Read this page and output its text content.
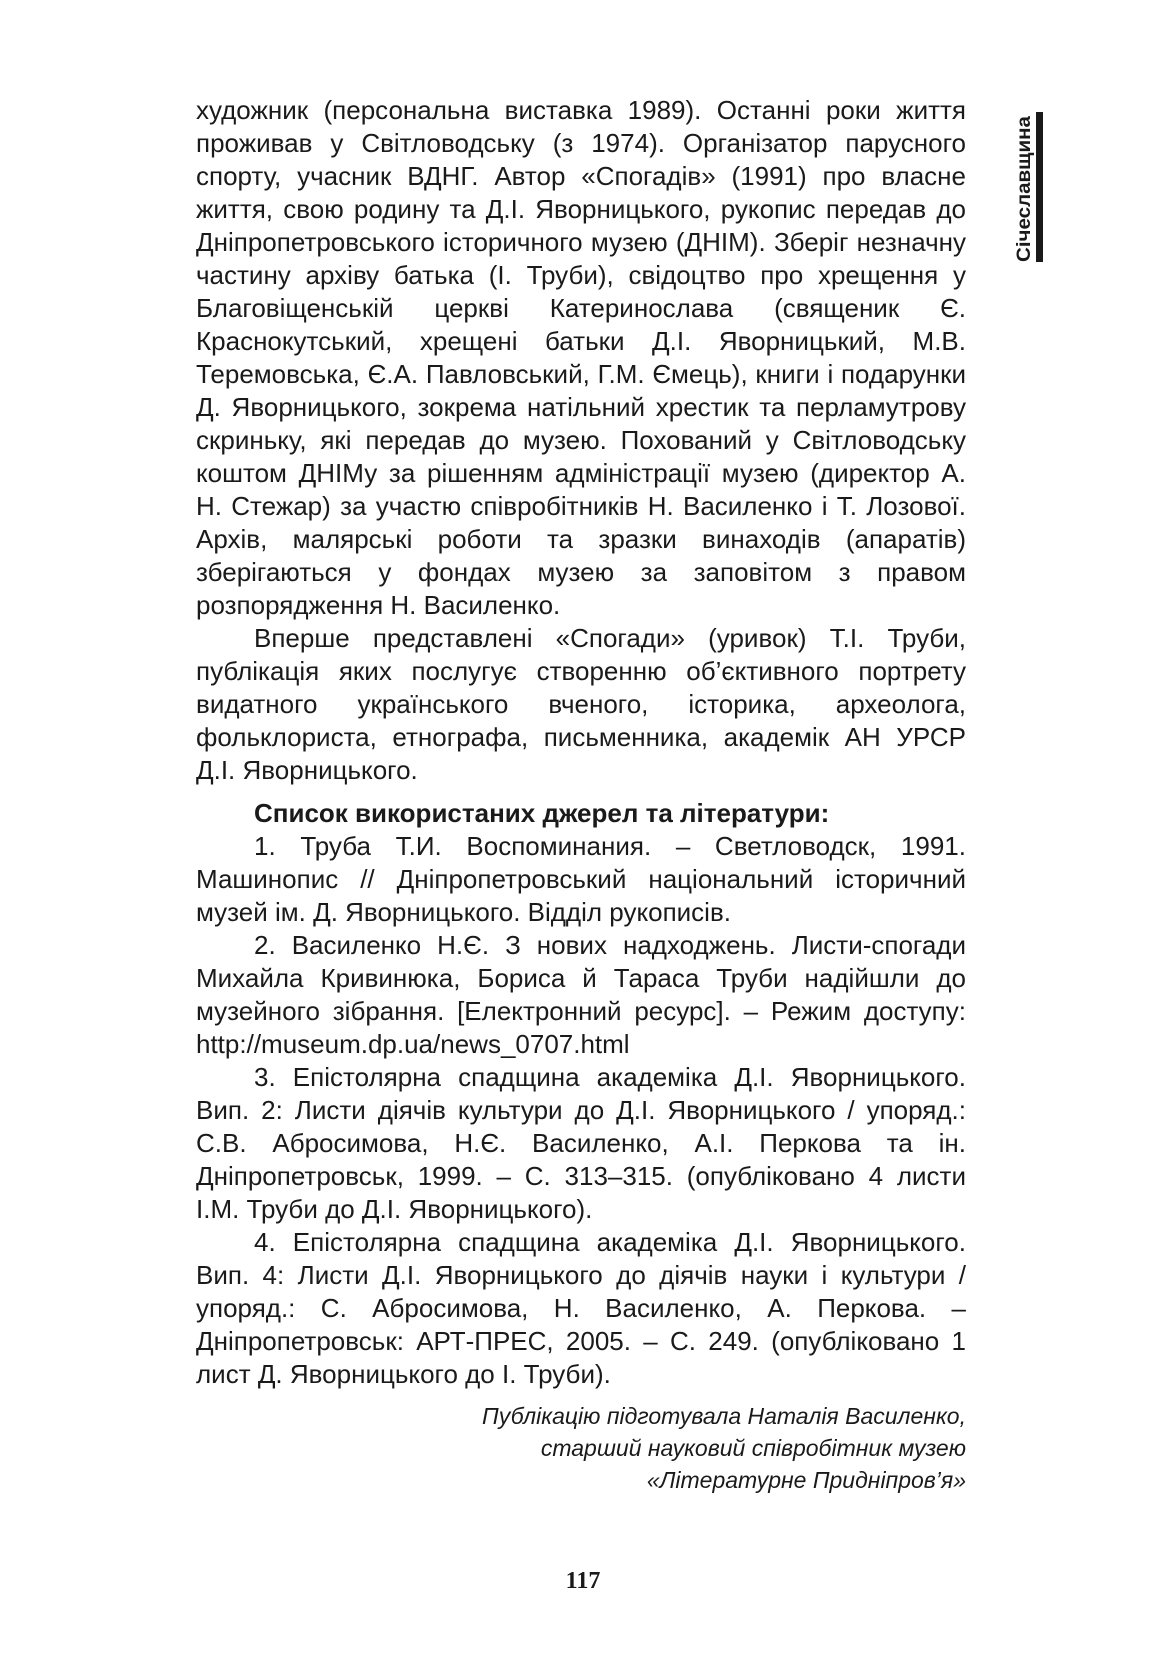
художник (персональна виставка 1989). Останні роки життя проживав у Світловодську (з 1974). Організатор парусного спорту, учасник ВДНГ. Автор «Спогадів» (1991) про власне життя, свою родину та Д.І. Яворницького, рукопис передав до Дніпропетровського історичного музею (ДНІМ). Зберіг незначну частину архіву батька (І. Труби), свідоцтво про хрещення у Благовіщенській церкві Катеринослава (священик Є. Краснокутський, хрещені батьки Д.І. Яворницький, М.В. Теремовська, Є.А. Павловський, Г.М. Ємець), книги і подарунки Д. Яворницького, зокрема натільний хрестик та перламутрову скриньку, які передав до музею. Похований у Світловодську коштом ДНІМу за рішенням адміністрації музею (директор А. Н. Стежар) за участю співробітників Н. Василенко і Т. Лозової. Архів, малярські роботи та зразки винаходів (апаратів) зберігаються у фондах музею за заповітом з правом розпорядження Н. Василенко.

Вперше представлені «Спогади» (уривок) Т.І. Труби, публікація яких послугує створенню об’єктивного портрету видатного українського вченого, історика, археолога, фольклориста, етнографа, письменника, академік АН УРСР Д.І. Яворницького.

Список використаних джерел та літератури:

1. Труба Т.И. Воспоминания. – Светловодск, 1991. Машинопис // Дніпропетровський національний історичний музей ім. Д. Яворницького. Відділ рукописів.

2. Василенко Н.Є. З нових надходжень. Листи-спогади Михайла Кривинюка, Бориса й Тараса Труби надійшли до музейного зібрання. [Електронний ресурс]. – Режим доступу: http://museum.dp.ua/news_0707.html

3. Епістолярна спадщина академіка Д.І. Яворницького. Вип. 2: Листи діячів культури до Д.І. Яворницького / упоряд.: С.В. Абросимова, Н.Є. Василенко, А.І. Перкова та ін. Дніпропетровськ, 1999. – С. 313–315. (опубліковано 4 листи І.М. Труби до Д.І. Яворницького).

4. Епістолярна спадщина академіка Д.І. Яворницького. Вип. 4: Листи Д.І. Яворницького до діячів науки і культури / упоряд.: С. Абросимова, Н. Василенко, А. Перкова. – Дніпропетровськ: АРТ-ПРЕС, 2005. – С. 249. (опубліковано 1 лист Д. Яворницького до І. Труби).

Публікацію підготувала Наталія Василенко,
старший науковий співробітник музею
«Літературне Придніпров’я»
117
Січеславщина
